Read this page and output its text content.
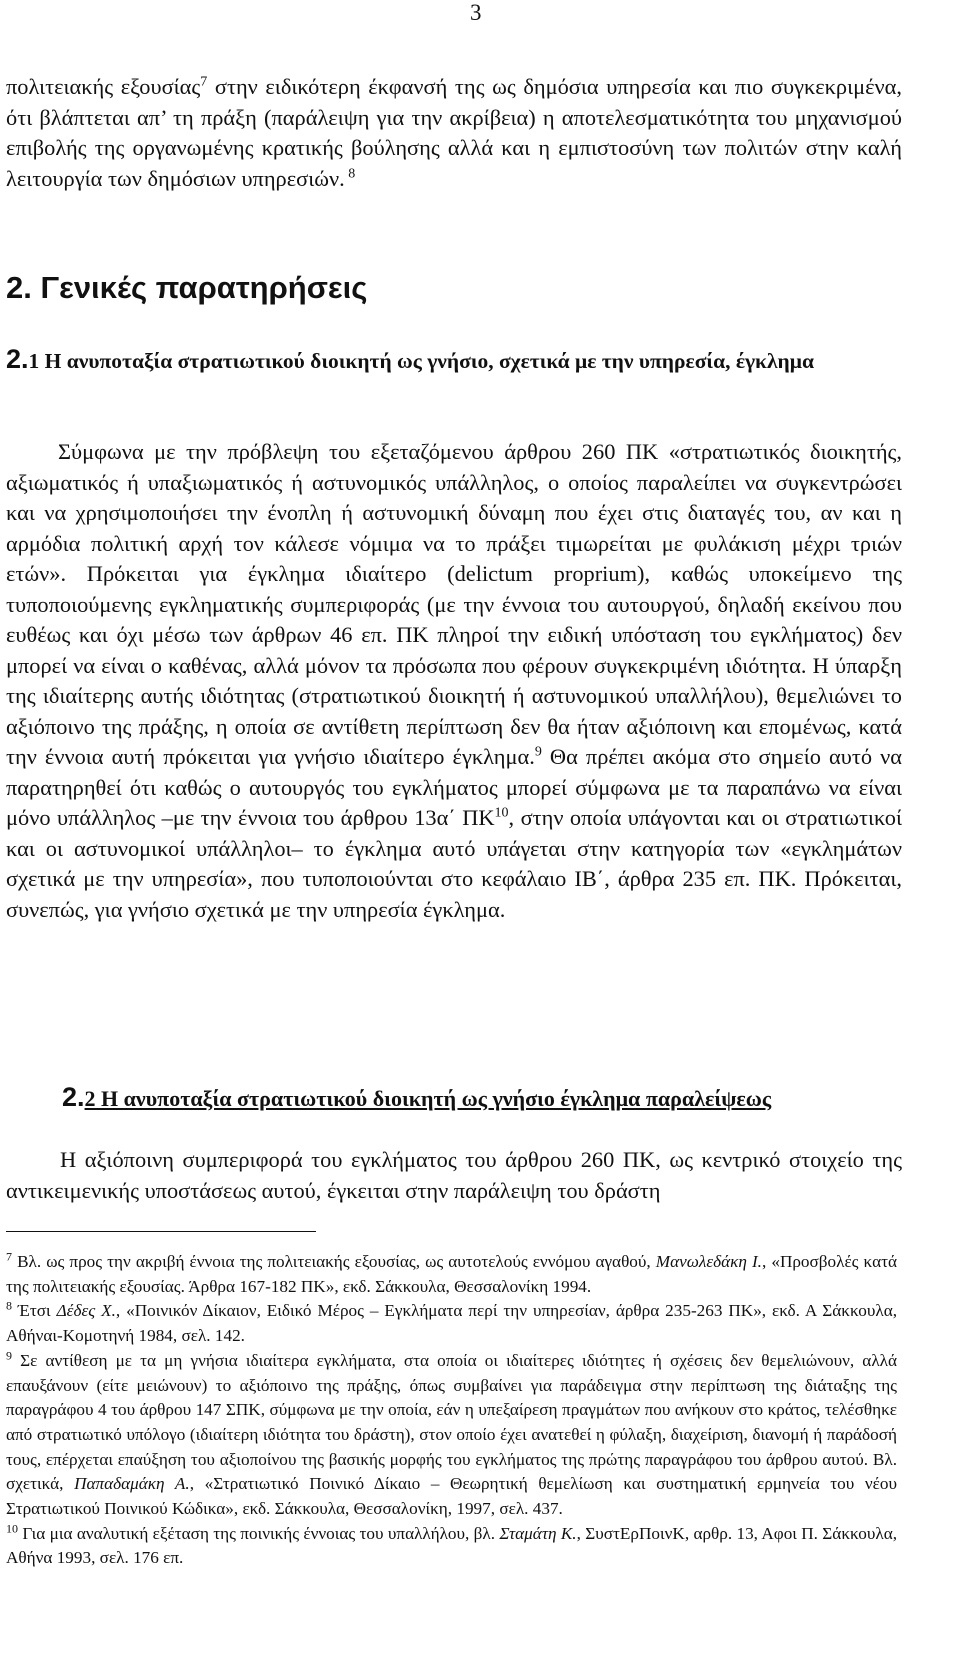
3

πολιτειακής εξουσίας$^7$ στην ειδικότερη έκφανσή της ως δημόσια υπηρεσία και πιο συγκεκριμένα, ότι βλάπτεται απ’ τη πράξη (παράλειψη για την ακρίβεια) η αποτελεσματικότητα του μηχανισμού επιβολής της οργανωμένης κρατικής βούλησης αλλά και η εμπιστοσύνη των πολιτών στην καλή λειτουργία των δημόσιων υπηρεσιών. $^8$

2. Γενικές παρατηρήσεις
2.1 Η ανυποταξία στρατιωτικού διοικητή ως γνήσιο, σχετικά με την υπηρεσία, έγκλημα

Σύμφωνα με την πρόβλεψη του εξεταζόμενου άρθρου 260 ΠΚ «στρατιωτικός διοικητής, αξιωματικός ή υπαξιωματικός ή αστυνομικός υπάλληλος, ο οποίος παραλείπει να συγκεντρώσει και να χρησιμοποιήσει την ένοπλη ή αστυνομική δύναμη που έχει στις διαταγές του, αν και η αρμόδια πολιτική αρχή τον κάλεσε νόμιμα να το πράξει τιμωρείται με φυλάκιση μέχρι τριών ετών». Πρόκειται για έγκλημα ιδιαίτερο (delictum proprium), καθώς υποκείμενο της τυποποιούμενης εγκληματικής συμπεριφοράς (με την έννοια του αυτουργού, δηλαδή εκείνου που ευθέως και όχι μέσω των άρθρων 46 επ. ΠΚ πληροί την ειδική υπόσταση του εγκλήματος) δεν μπορεί να είναι ο καθένας, αλλά μόνον τα πρόσωπα που φέρουν συγκεκριμένη ιδιότητα. Η ύπαρξη της ιδιαίτερης αυτής ιδιότητας (στρατιωτικού διοικητή ή αστυνομικού υπαλλήλου), θεμελιώνει το αξιόποινο της πράξης, η οποία σε αντίθετη περίπτωση δεν θα ήταν αξιόποινη και επομένως, κατά την έννοια αυτή πρόκειται για γνήσιο ιδιαίτερο έγκλημα.$^9$ Θα πρέπει ακόμα στο σημείο αυτό να παρατηρηθεί ότι καθώς ο αυτουργός του εγκλήματος μπορεί σύμφωνα με τα παραπάνω να είναι μόνο υπάλληλος –με την έννοια του άρθρου 13α΄ ΠΚ$^{10}$, στην οποία υπάγονται και οι στρατιωτικοί και οι αστυνομικοί υπάλληλοι– το έγκλημα αυτό υπάγεται στην κατηγορία των «εγκλημάτων σχετικά με την υπηρεσία», που τυποποιούνται στο κεφάλαιο ΙΒ΄, άρθρα 235 επ. ΠΚ. Πρόκειται, συνεπώς, για γνήσιο σχετικά με την υπηρεσία έγκλημα.

2.2 Η ανυποταξία στρατιωτικού διοικητή ως γνήσιο έγκλημα παραλείψεως

Η αξιόποινη συμπεριφορά του εγκλήματος του άρθρου 260 ΠΚ, ως κεντρικό στοιχείο της αντικειμενικής υποστάσεως αυτού, έγκειται στην παράλειψη του δράστη

$^7$ Βλ. ως προς την ακριβή έννοια της πολιτειακής εξουσίας, ως αυτοτελούς εννόμου αγαθού, Μανωλεδάκη Ι., «Προσβολές κατά της πολιτειακής εξουσίας. Άρθρα 167-182 ΠΚ», εκδ. Σάκκουλα, Θεσσαλονίκη 1994.

$^8$ Έτσι Δέδες Χ., «Ποινικόν Δίκαιον, Ειδικό Μέρος – Εγκλήματα περί την υπηρεσίαν, άρθρα 235-263 ΠΚ», εκδ. Α Σάκκουλα, Αθήναι-Κομοτηνή 1984, σελ. 142.

$^9$ Σε αντίθεση με τα μη γνήσια ιδιαίτερα εγκλήματα, στα οποία οι ιδιαίτερες ιδιότητες ή σχέσεις δεν θεμελιώνουν, αλλά επαυξάνουν (είτε μειώνουν) το αξιόποινο της πράξης, όπως συμβαίνει για παράδειγμα στην περίπτωση της διάταξης της παραγράφου 4 του άρθρου 147 ΣΠΚ, σύμφωνα με την οποία, εάν η υπεξαίρεση πραγμάτων που ανήκουν στο κράτος, τελέσθηκε από στρατιωτικό υπόλογο (ιδιαίτερη ιδιότητα του δράστη), στον οποίο έχει ανατεθεί η φύλαξη, διαχείριση, διανομή ή παράδοσή τους, επέρχεται επαύξηση του αξιοποίνου της βασικής μορφής του εγκλήματος της πρώτης παραγράφου του άρθρου αυτού. Βλ. σχετικά, Παπαδαμάκη Α., «Στρατιωτικό Ποινικό Δίκαιο – Θεωρητική θεμελίωση και συστηματική ερμηνεία του νέου Στρατιωτικού Ποινικού Κώδικα», εκδ. Σάκκουλα, Θεσσαλονίκη, 1997, σελ. 437.

$^{10}$ Για μια αναλυτική εξέταση της ποινικής έννοιας του υπαλλήλου, βλ. Σταμάτη Κ., ΣυστΕρΠοινΚ, αρθρ. 13, Αφοι Π. Σάκκουλα, Αθήνα 1993, σελ. 176 επ.
